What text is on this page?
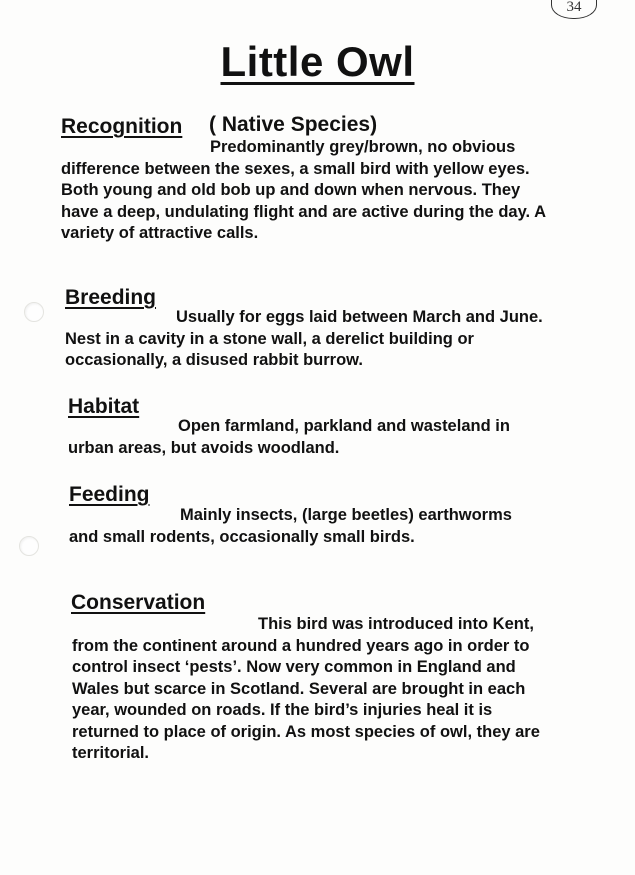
34
Little Owl
Recognition ( Native Species)

Predominantly grey/brown, no obvious difference between the sexes, a small bird with yellow eyes. Both young and old bob up and down when nervous. They have a deep, undulating flight and are active during the day. A variety of attractive calls.

Breeding

Usually for eggs laid between March and June. Nest in a cavity in a stone wall, a derelict building or occasionally, a disused rabbit burrow.

Habitat

Open farmland, parkland and wasteland in urban areas, but avoids woodland.

Feeding

Mainly insects, (large beetles) earthworms and small rodents, occasionally small birds.

Conservation

This bird was introduced into Kent, from the continent around a hundred years ago in order to control insect ‘pests’. Now very common in England and Wales but scarce in Scotland. Several are brought in each year, wounded on roads. If the bird’s injuries heal it is returned to place of origin. As most species of owl, they are territorial.
